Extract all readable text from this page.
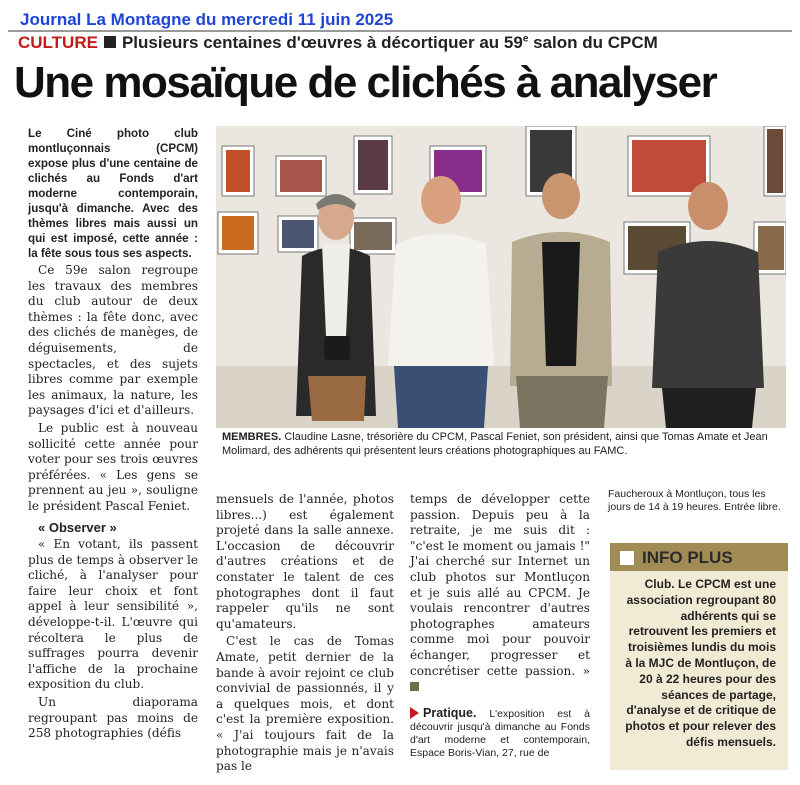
Journal La Montagne du mercredi 11 juin 2025
CULTURE Plusieurs centaines d'œuvres à décortiquer au 59e salon du CPCM
Une mosaïque de clichés à analyser

Le Ciné photo club montluçonnais (CPCM) expose plus d'une centaine de clichés au Fonds d'art moderne contemporain, jusqu'à dimanche. Avec des thèmes libres mais aussi un qui est imposé, cette année : la fête sous tous ses aspects.

Ce 59e salon regroupe les travaux des membres du club autour de deux thèmes : la fête donc, avec des clichés de manèges, de déguisements, de spectacles, et des sujets libres comme par exemple les animaux, la nature, les paysages d'ici et d'ailleurs.

Le public est à nouveau sollicité cette année pour voter pour ses trois œuvres préférées. « Les gens se prennent au jeu », souligne le président Pascal Feniet.

« Observer »

« En votant, ils passent plus de temps à observer le cliché, à l'analyser pour faire leur choix et font appel à leur sensibilité », développe-t-il. L'œuvre qui récoltera le plus de suffrages pourra devenir l'affiche de la prochaine exposition du club.

Un diaporama regroupant pas moins de 258 photographies (défis

MEMBRES. Claudine Lasne, trésorière du CPCM, Pascal Feniet, son président, ainsi que Tomas Amate et Jean Molimard, des adhérents qui présentent leurs créations photographiques au FAMC.

mensuels de l'année, photos libres...) est également projeté dans la salle annexe. L'occasion de découvrir d'autres créations et de constater le talent de ces photographes dont il faut rappeler qu'ils ne sont qu'amateurs.

C'est le cas de Tomas Amate, petit dernier de la bande à avoir rejoint ce club convivial de passionnés, il y a quelques mois, et dont c'est la première exposition. « J'ai toujours fait de la photographie mais je n'avais pas le

temps de développer cette passion. Depuis peu à la retraite, je me suis dit : "c'est le moment ou jamais !" J'ai cherché sur Internet un club photos sur Montluçon et je suis allé au CPCM. Je voulais rencontrer d'autres photographes amateurs comme moi pour pouvoir échanger, progresser et concrétiser cette passion. »

Pratique. L'exposition est à découvrir jusqu'à dimanche au Fonds d'art moderne et contemporain, Espace Boris-Vian, 27, rue de

Faucheroux à Montluçon, tous les jours de 14 à 19 heures. Entrée libre.
INFO PLUS
Club. Le CPCM est une association regroupant 80 adhérents qui se retrouvent les premiers et troisièmes lundis du mois à la MJC de Montluçon, de 20 à 22 heures pour des séances de partage, d'analyse et de critique de photos et pour relever des défis mensuels.
